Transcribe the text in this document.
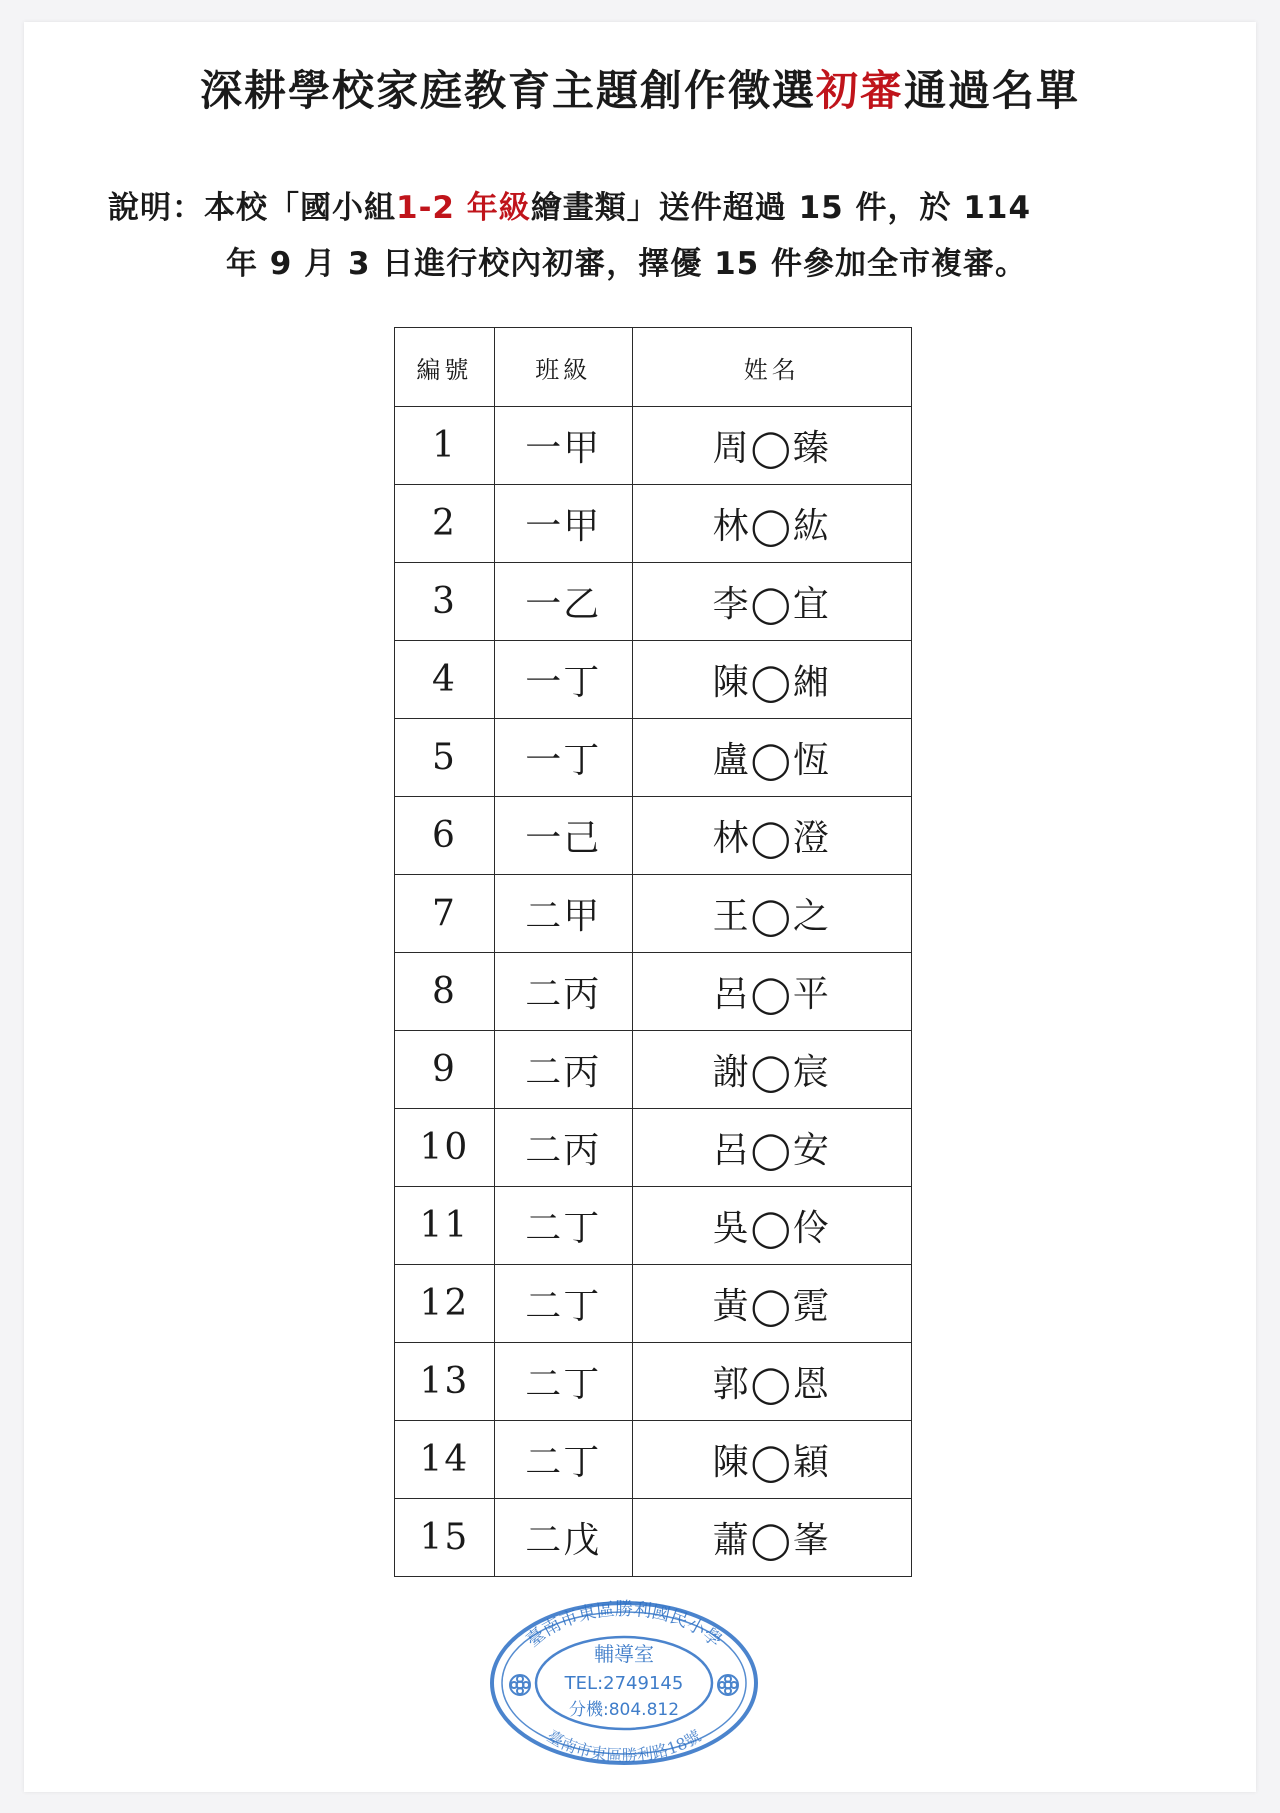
深耕學校家庭教育主題創作徵選初審通過名單
說明：本校「國小組1-2 年級繪畫類」送件超過 15 件，於 114
年 9 月 3 日進行校內初審，擇優 15 件參加全市複審。
編號	班級	姓名
1	一甲	周◯臻
2	一甲	林◯紘
3	一乙	李◯宜
4	一丁	陳◯緗
5	一丁	盧◯恆
6	一己	林◯澄
7	二甲	王◯之
8	二丙	呂◯平
9	二丙	謝◯宸
10	二丙	呂◯安
11	二丁	吳◯伶
12	二丁	黃◯霓
13	二丁	郭◯恩
14	二丁	陳◯穎
15	二戊	蕭◯峯
臺南市東區勝利國民小學
臺南市東區勝利路18號
輔導室
TEL:2749145
分機:804.812
